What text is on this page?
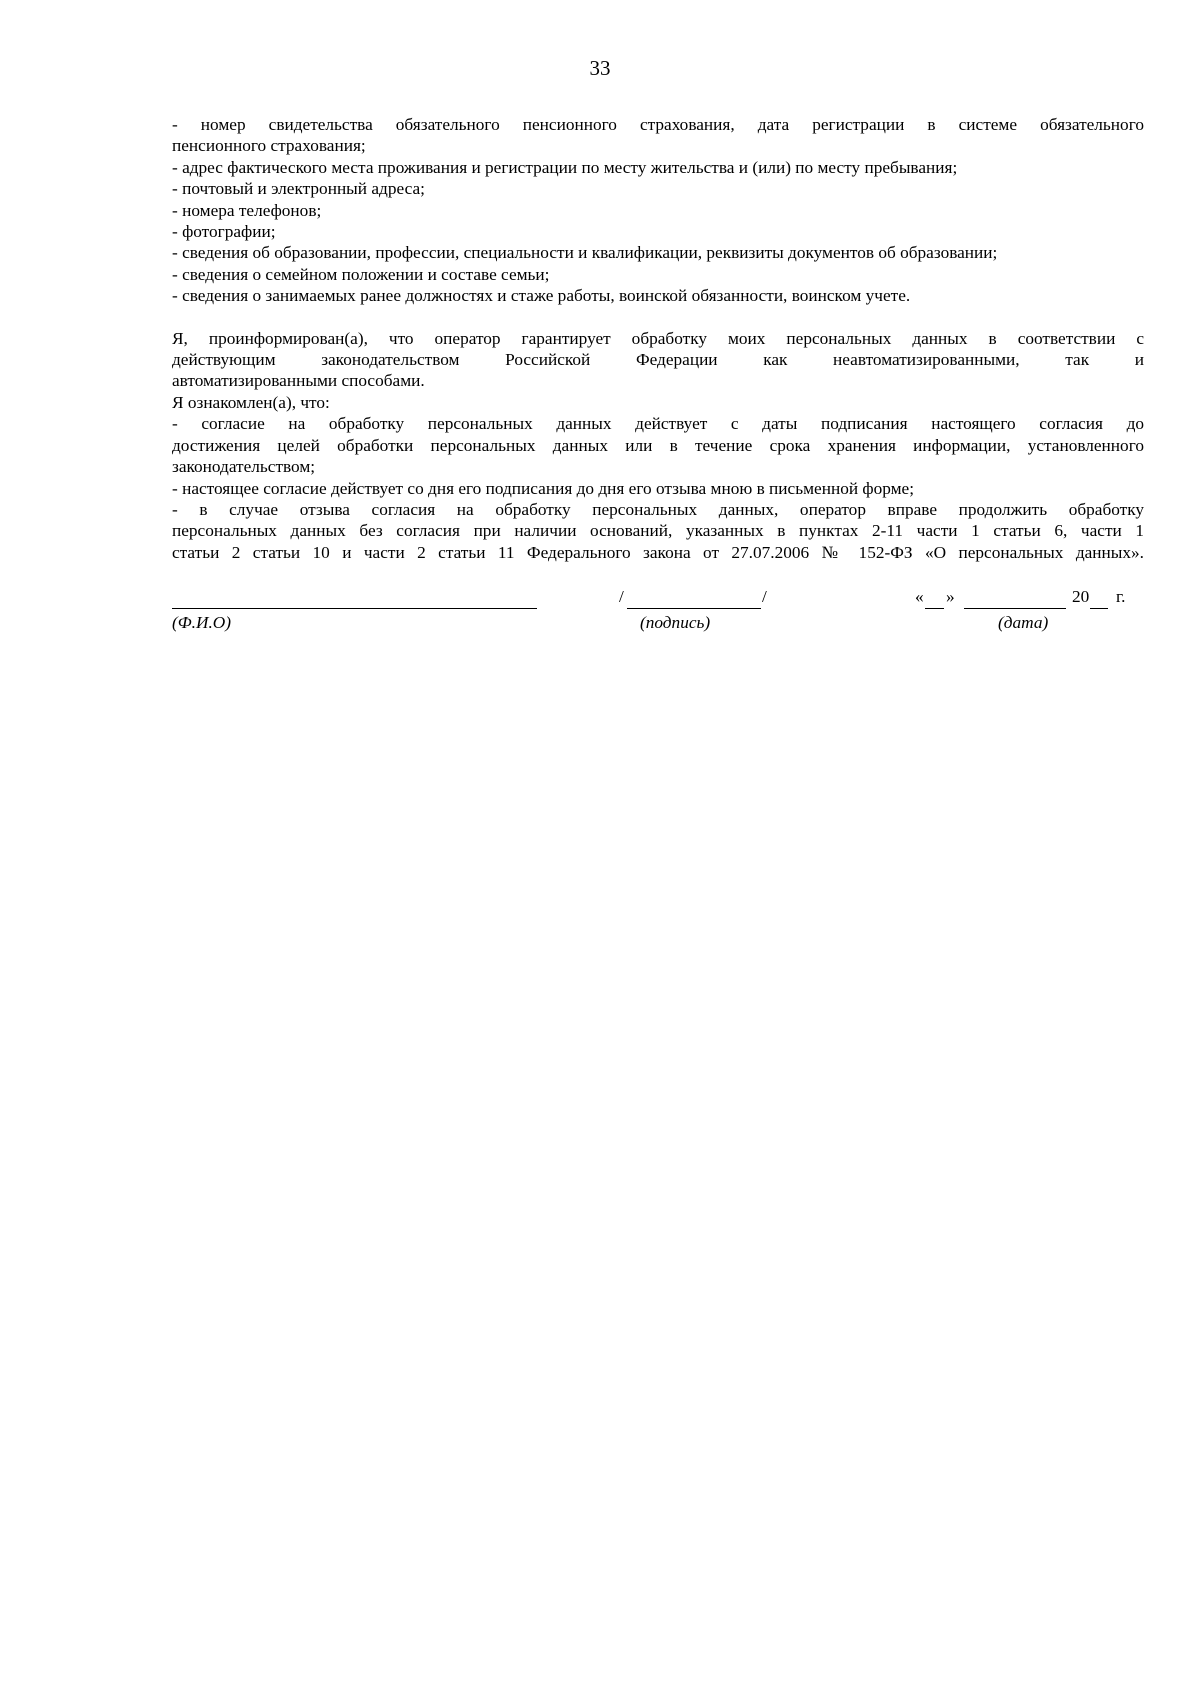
33
- номер свидетельства обязательного пенсионного страхования, дата регистрации в системе обязательного
пенсионного страхования;
- адрес фактического места проживания и регистрации по месту жительства и (или) по месту пребывания;
- почтовый и электронный адреса;
- номера телефонов;
- фотографии;
- сведения об образовании, профессии, специальности и квалификации, реквизиты документов об образовании;
- сведения о семейном положении и составе семьи;
- сведения о занимаемых ранее должностях и стаже работы, воинской обязанности, воинском учете.
Я, проинформирован(а), что оператор гарантирует обработку моих персональных данных в соответствии с
действующим законодательством Российской Федерации как неавтоматизированными, так и
автоматизированными способами.
Я ознакомлен(а), что:
- согласие на обработку персональных данных действует с даты подписания настоящего согласия до
достижения целей обработки персональных данных или в течение срока хранения информации, установленного
законодательством;
- настоящее согласие действует со дня его подписания до дня его отзыва мною в письменной форме;
- в случае отзыва согласия на обработку персональных данных, оператор вправе продолжить обработку
персональных данных без согласия при наличии оснований, указанных в пунктах 2-11 части 1 статьи 6, части 1
статьи 2 статьи 10 и части 2 статьи 11 Федерального закона от 27.07.2006 № 152-ФЗ «О персональных данных».
(Ф.И.О)
/	/
(подпись)
« »	20 г.
(дата)
